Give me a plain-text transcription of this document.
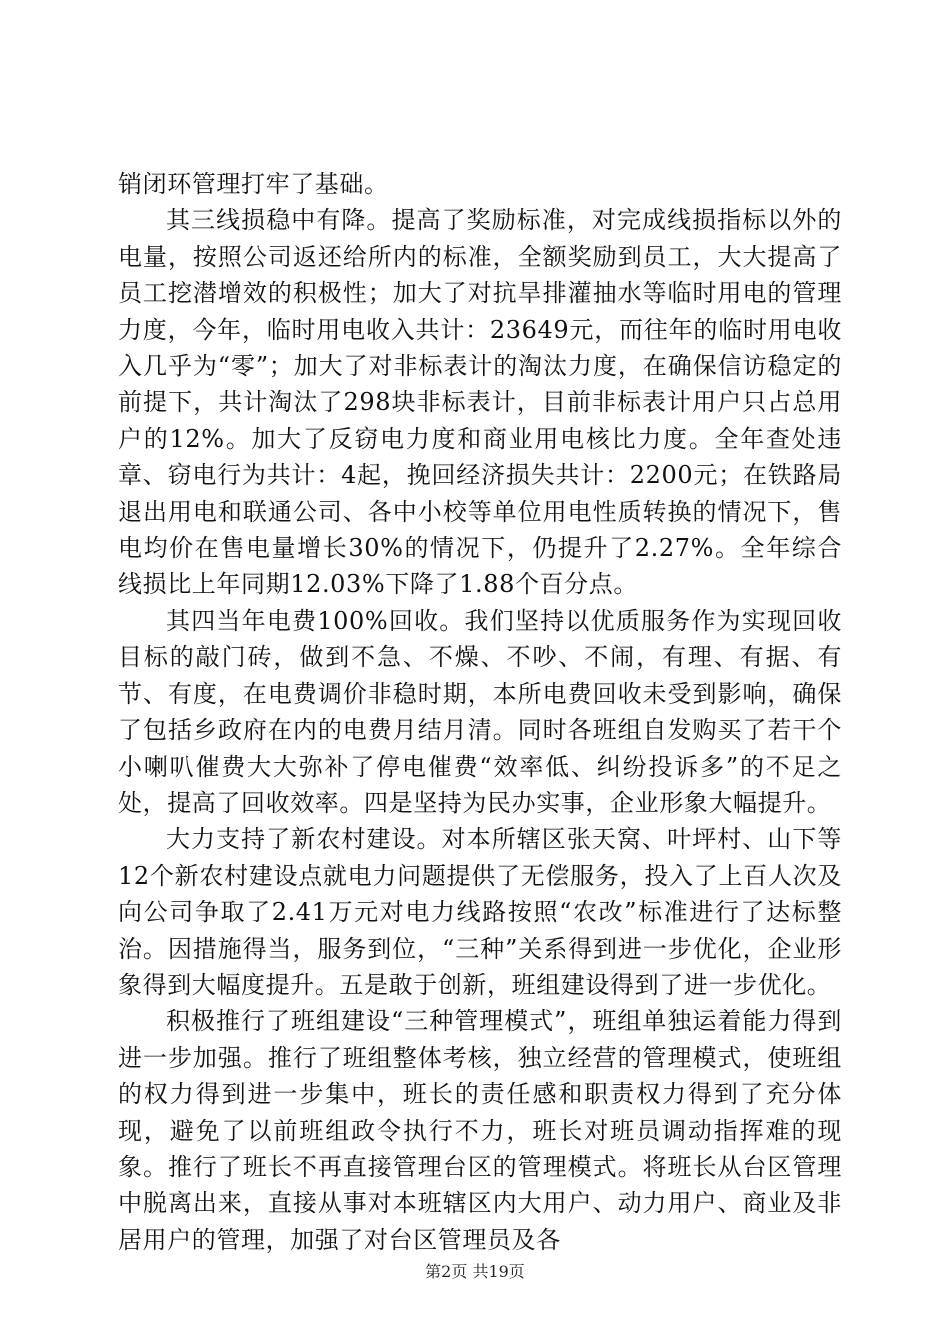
销闭环管理打牢了基础。

其三线损稳中有降。提高了奖励标准，对完成线损指标以外的电量，按照公司返还给所内的标准，全额奖励到员工，大大提高了员工挖潜增效的积极性；加大了对抗旱排灌抽水等临时用电的管理力度，今年，临时用电收入共计：23649元，而往年的临时用电收入几乎为“零”；加大了对非标表计的淘汰力度，在确保信访稳定的前提下，共计淘汰了298块非标表计，目前非标表计用户只占总用户的12%。加大了反窃电力度和商业用电核比力度。全年查处违章、窃电行为共计：4起，挽回经济损失共计：2200元；在铁路局退出用电和联通公司、各中小校等单位用电性质转换的情况下，售电均价在售电量增长30%的情况下，仍提升了2.27%。全年综合线损比上年同期12.03%下降了1.88个百分点。

其四当年电费100%回收。我们坚持以优质服务作为实现回收目标的敲门砖，做到不急、不燥、不吵、不闹，有理、有据、有节、有度，在电费调价非稳时期，本所电费回收未受到影响，确保了包括乡政府在内的电费月结月清。同时各班组自发购买了若干个小喇叭催费大大弥补了停电催费“效率低、纠纷投诉多”的不足之处，提高了回收效率。四是坚持为民办实事，企业形象大幅提升。

大力支持了新农村建设。对本所辖区张天窝、叶坪村、山下等12个新农村建设点就电力问题提供了无偿服务，投入了上百人次及向公司争取了2.41万元对电力线路按照“农改”标准进行了达标整治。因措施得当，服务到位，“三种”关系得到进一步优化，企业形象得到大幅度提升。五是敢于创新，班组建设得到了进一步优化。

积极推行了班组建设“三种管理模式”，班组单独运着能力得到进一步加强。推行了班组整体考核，独立经营的管理模式，使班组的权力得到进一步集中，班长的责任感和职责权力得到了充分体现，避免了以前班组政令执行不力，班长对班员调动指挥难的现象。推行了班长不再直接管理台区的管理模式。将班长从台区管理中脱离出来，直接从事对本班辖区内大用户、动力用户、商业及非居用户的管理，加强了对台区管理员及各

第2页 共19页
